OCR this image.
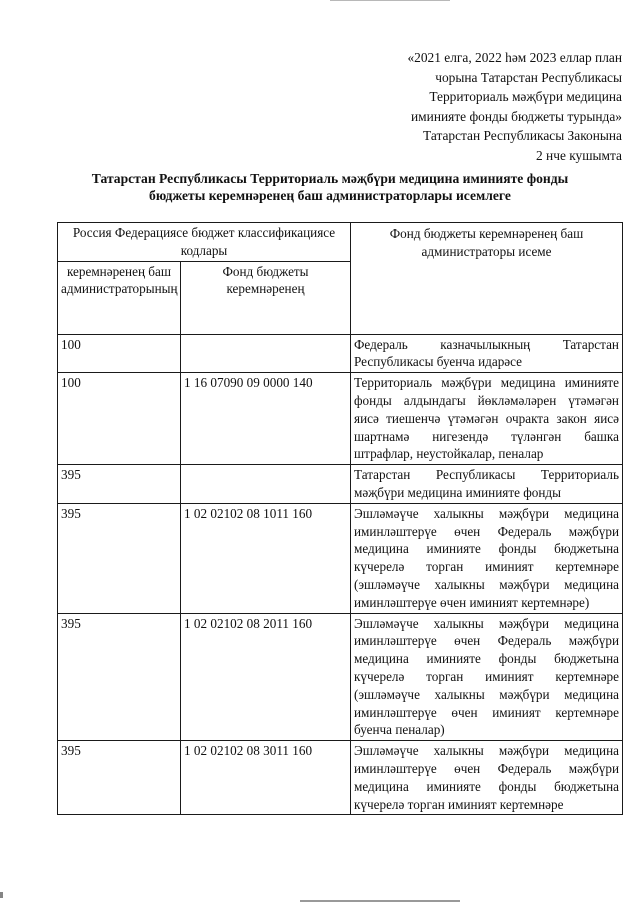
«2021 елга, 2022 һәм 2023 еллар план
чорына Татарстан Республикасы
Территориаль мәҗбүри медицина
иминияте фонды бюджеты турында»
Татарстан Республикасы Законына
2 нче кушымта
Татарстан Республикасы Территориаль мәҗбүри медицина иминияте фонды
бюджеты керемнәренең баш администраторлары исемлеге
Россия Федерациясе бюджет классификациясе кодлары		Фонд бюджеты керемнәренең баш администраторы исеме
керемнәренең баш администраторының	Фонд бюджеты керемнәренең	
100		Федераль казначылыкның Татарстан Республикасы буенча идарәсе
100	1 16 07090 09 0000 140	Территориаль мәҗбүри медицина иминияте фонды алдындагы йөкләмәләрен үтәмәгән яисә тиешенчә үтәмәгән очракта закон яисә шартнамә нигезендә түләнгән башка штрафлар, неустойкалар, пеналар
395		Татарстан Республикасы Территориаль мәҗбүри медицина иминияте фонды
395	1 02 02102 08 1011 160	Эшләмәүче халыкны мәҗбүри медицина иминләштерүе өчен Федераль мәҗбүри медицина иминияте фонды бюджетына күчерелә торган иминият кертемнәре (эшләмәүче халыкны мәҗбүри медицина иминләштерүе өчен иминият кертемнәре)
395	1 02 02102 08 2011 160	Эшләмәүче халыкны мәҗбүри медицина иминләштерүе өчен Федераль мәҗбүри медицина иминияте фонды бюджетына күчерелә торган иминият кертемнәре (эшләмәүче халыкны мәҗбүри медицина иминләштерүе өчен иминият кертемнәре буенча пеналар)
395	1 02 02102 08 3011 160	Эшләмәүче халыкны мәҗбүри медицина иминләштерүе өчен Федераль мәҗбүри медицина иминияте фонды бюджетына күчерелә торган иминият кертемнәре
